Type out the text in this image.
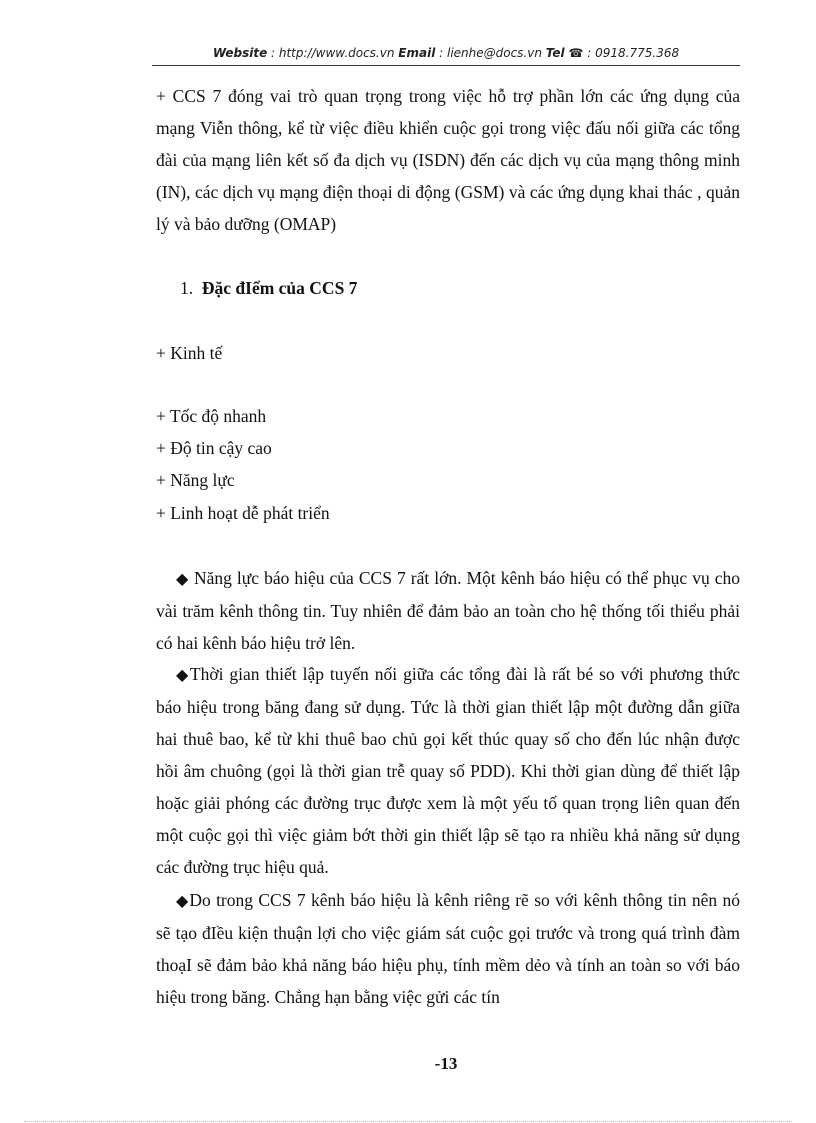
Website : http://www.docs.vn Email : lienhe@docs.vn Tel ☎ : 0918.775.368

+ CCS 7 đóng vai trò quan trọng trong việc hỗ trợ phần lớn các ứng dụng của mạng Viễn thông, kể từ việc điều khiển cuộc gọi trong việc đấu nối giữa các tổng đài của mạng liên kết số đa dịch vụ (ISDN) đến các dịch vụ của mạng thông minh (IN), các dịch vụ mạng điện thoại di động (GSM) và các ứng dụng khai thác , quản lý và bảo dưỡng (OMAP)

1. Đặc đIểm của CCS 7
+ Kinh tế
+ Tốc độ nhanh
+ Độ tin cậy cao
+ Năng lực
+ Linh hoạt dễ phát triển

◆ Năng lực báo hiệu của CCS 7 rất lớn. Một kênh báo hiệu có thể phục vụ cho vài trăm kênh thông tin. Tuy nhiên để đảm bảo an toàn cho hệ thống tối thiểu phải có hai kênh báo hiệu trở lên.

◆Thời gian thiết lập tuyến nối giữa các tổng đài là rất bé so với phương thức báo hiệu trong băng đang sử dụng. Tức là thời gian thiết lập một đường dẫn giữa hai thuê bao, kể từ khi thuê bao chủ gọi kết thúc quay số cho đến lúc nhận được hồi âm chuông (gọi là thời gian trễ quay số PDD). Khi thời gian dùng để thiết lập hoặc giải phóng các đường trục được xem là một yếu tố quan trọng liên quan đến một cuộc gọi thì việc giảm bớt thời gin thiết lập sẽ tạo ra nhiều khả năng sử dụng các đường trục hiệu quả.

◆Do trong CCS 7 kênh báo hiệu là kênh riêng rẽ so với kênh thông tin nên nó sẽ tạo đIều kiện thuận lợi cho việc giám sát cuộc gọi trước và trong quá trình đàm thoạI sẽ đảm bảo khả năng báo hiệu phụ, tính mềm dẻo và tính an toàn so với báo hiệu trong băng. Chẳng hạn bằng việc gửi các tín

-13
